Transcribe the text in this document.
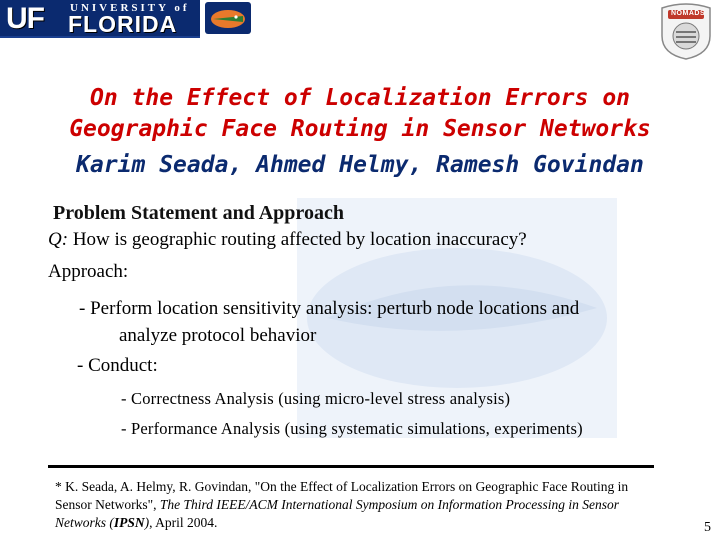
UF UNIVERSITY of
FLORIDA	NOMADS
On the Effect of Localization Errors on
Geographic Face Routing in Sensor Networks
Karim Seada, Ahmed Helmy, Ramesh Govindan
Problem Statement and Approach
Q: How is geographic routing affected by location inaccuracy?
Approach:
- Perform location sensitivity analysis: perturb node locations and
analyze protocol behavior
- Conduct:
- Correctness Analysis (using micro-level stress analysis)
- Performance Analysis (using systematic simulations, experiments)
* K. Seada, A. Helmy, R. Govindan, "On the Effect of Localization Errors on Geographic Face Routing in Sensor Networks", The Third IEEE/ACM International Symposium on Information Processing in Sensor Networks (IPSN), April 2004.	5
